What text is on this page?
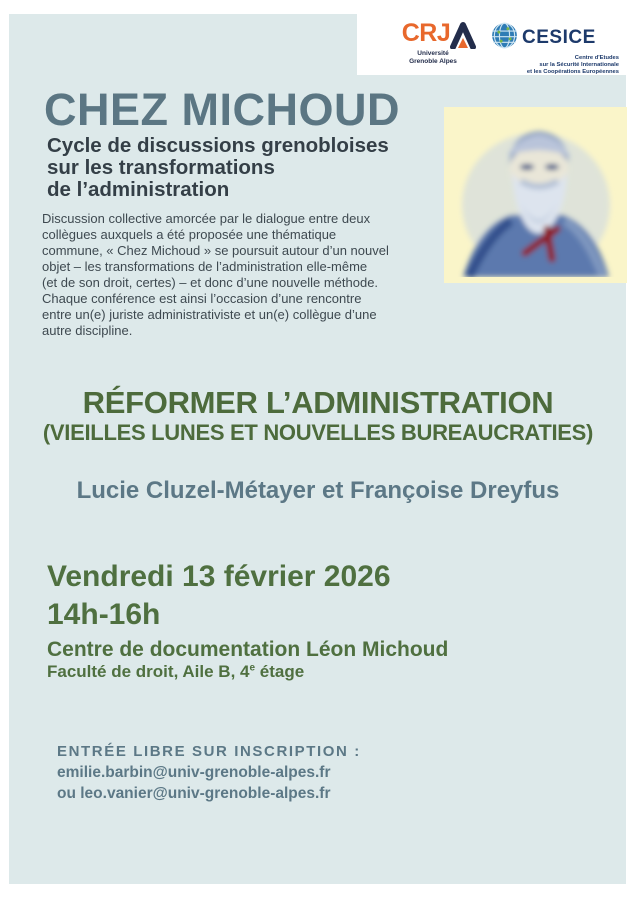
CRJ
Université
Grenoble Alpes
CESICE
Centre d'Etudes
sur la Sécurité Internationale
et les Coopérations Européennes
CHEZ MICHOUD
Cycle de discussions grenobloises
sur les transformations
de l’administration
Discussion collective amorcée par le dialogue entre deux
collègues auxquels a été proposée une thématique
commune, « Chez Michoud » se poursuit autour d’un nouvel
objet – les transformations de l’administration elle-même
(et de son droit, certes) – et donc d’une nouvelle méthode.
Chaque conférence est ainsi l’occasion d’une rencontre
entre un(e) juriste administrativiste et un(e) collègue d’une
autre discipline.
RÉFORMER L’ADMINISTRATION
(VIEILLES LUNES ET NOUVELLES BUREAUCRATIES)
Lucie Cluzel-Métayer et Françoise Dreyfus
Vendredi 13 février 2026
14h-16h
Centre de documentation Léon Michoud
Faculté de droit, Aile B, 4e étage
ENTRÉE LIBRE SUR INSCRIPTION :
emilie.barbin@univ-grenoble-alpes.fr
ou leo.vanier@univ-grenoble-alpes.fr
